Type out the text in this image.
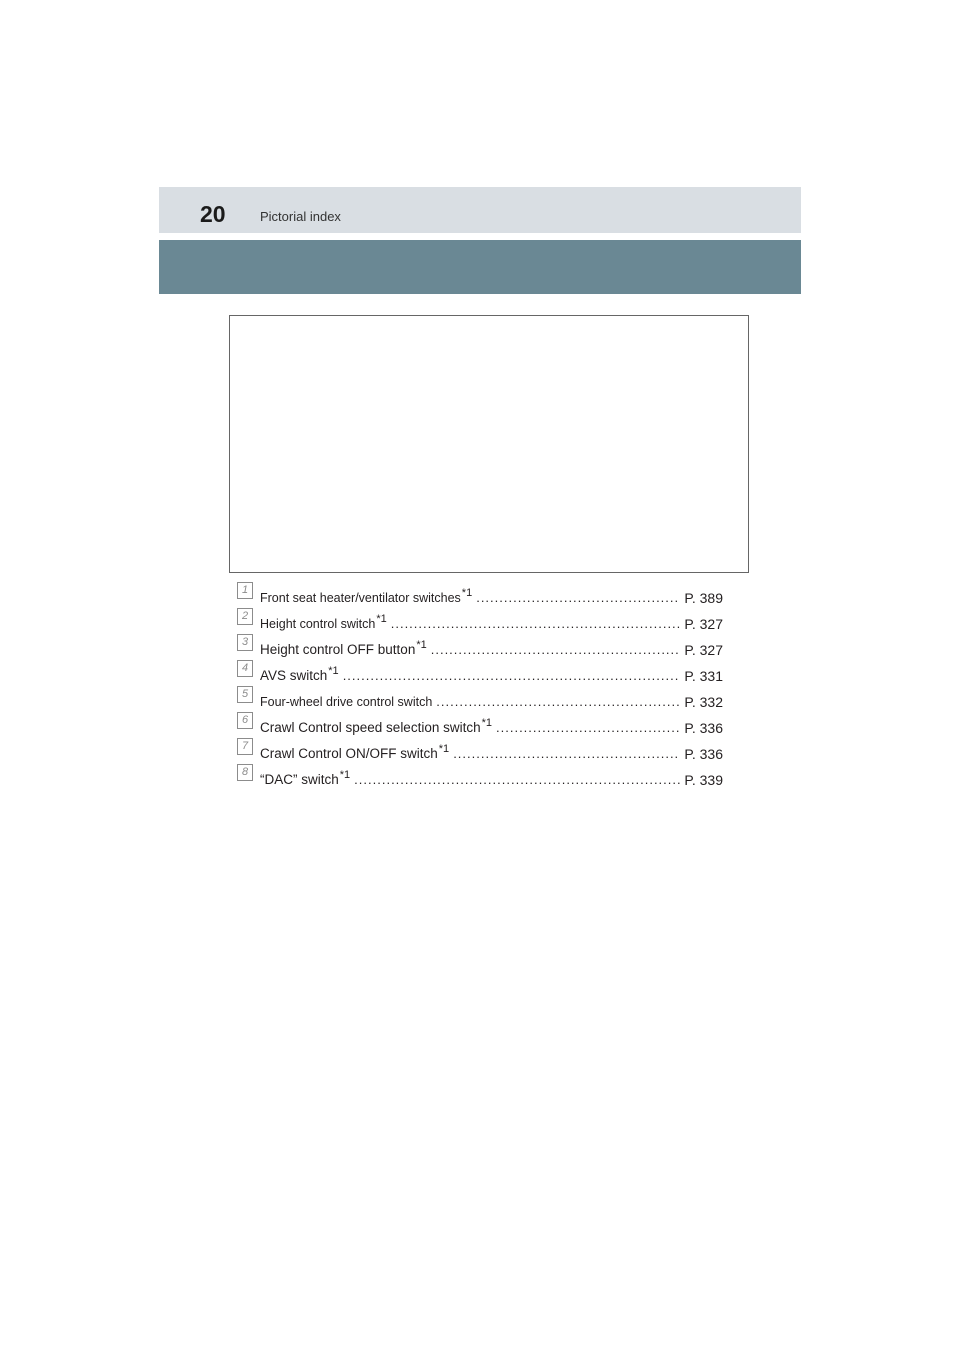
20	Pictorial index
1
Front seat heater/ventilator switches$^{*1}$ .....	P. 389
2
Height control switch$^{*1}$ .....	P. 327
3 Height control OFF button$^{*1}$ .....	P. 327
4 AVS switch$^{*1}$ .....	P. 331
5
Four-wheel drive control switch .....	P. 332
6 Crawl Control speed selection switch$^{*1}$ .....	P. 336
7 Crawl Control ON/OFF switch$^{*1}$ .....	P. 336
8 “DAC” switch$^{*1}$ .....	P. 339
